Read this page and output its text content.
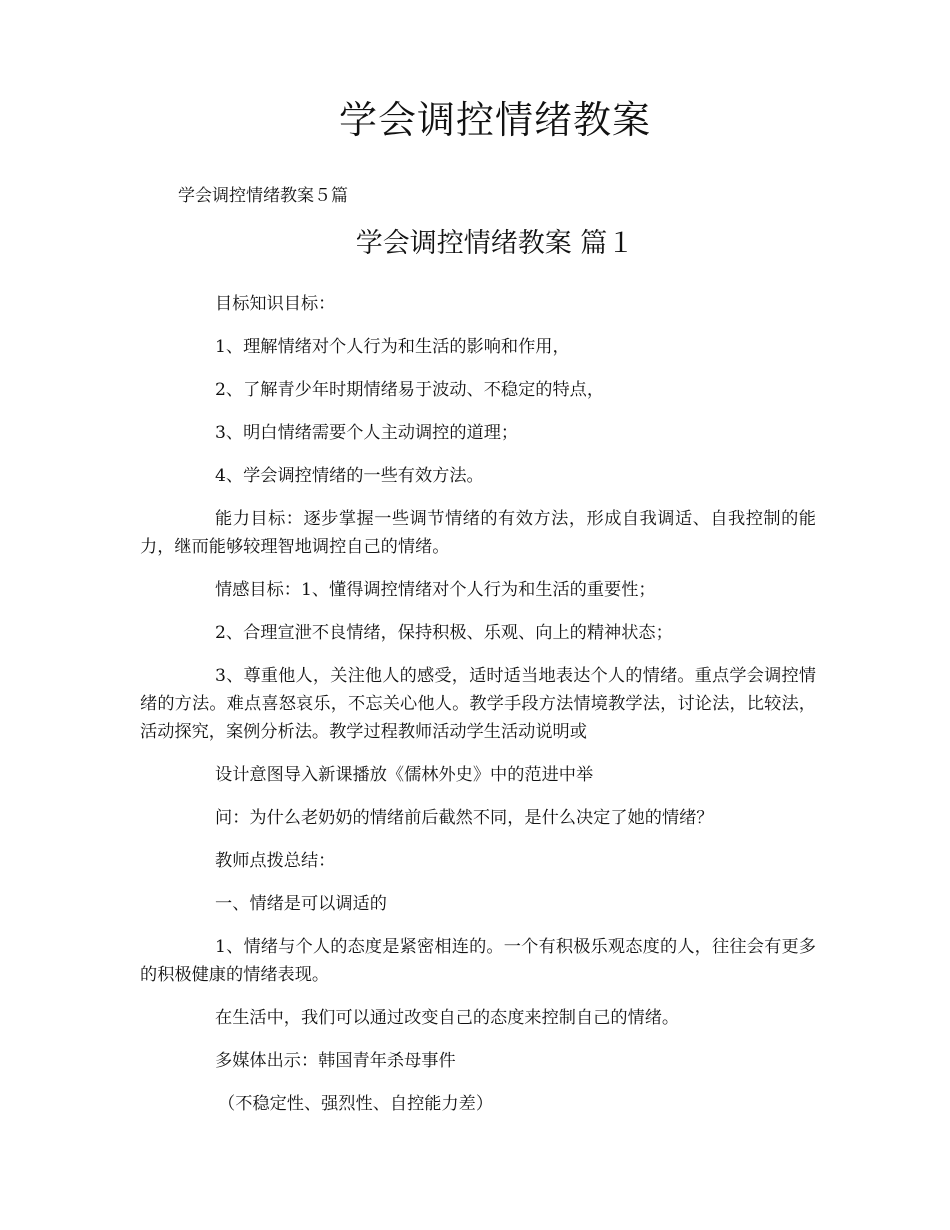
学会调控情绪教案

学会调控情绪教案５篇

学会调控情绪教案 篇１

目标知识目标：

1、理解情绪对个人行为和生活的影响和作用，

2、了解青少年时期情绪易于波动、不稳定的特点，

3、明白情绪需要个人主动调控的道理；

4、学会调控情绪的一些有效方法。

能力目标：逐步掌握一些调节情绪的有效方法，形成自我调适、自我控制的能力，继而能够较理智地调控自己的情绪。

情感目标：1、懂得调控情绪对个人行为和生活的重要性；

2、合理宣泄不良情绪，保持积极、乐观、向上的精神状态；

3、尊重他人，关注他人的感受，适时适当地表达个人的情绪。重点学会调控情绪的方法。难点喜怒哀乐，不忘关心他人。教学手段方法情境教学法，讨论法，比较法，活动探究，案例分析法。教学过程教师活动学生活动说明或

设计意图导入新课播放《儒林外史》中的范进中举

问：为什么老奶奶的情绪前后截然不同，是什么决定了她的情绪？

教师点拨总结：

一、情绪是可以调适的

1、情绪与个人的态度是紧密相连的。一个有积极乐观态度的人，往往会有更多的积极健康的情绪表现。

在生活中，我们可以通过改变自己的态度来控制自己的情绪。

多媒体出示：韩国青年杀母事件

（不稳定性、强烈性、自控能力差）
